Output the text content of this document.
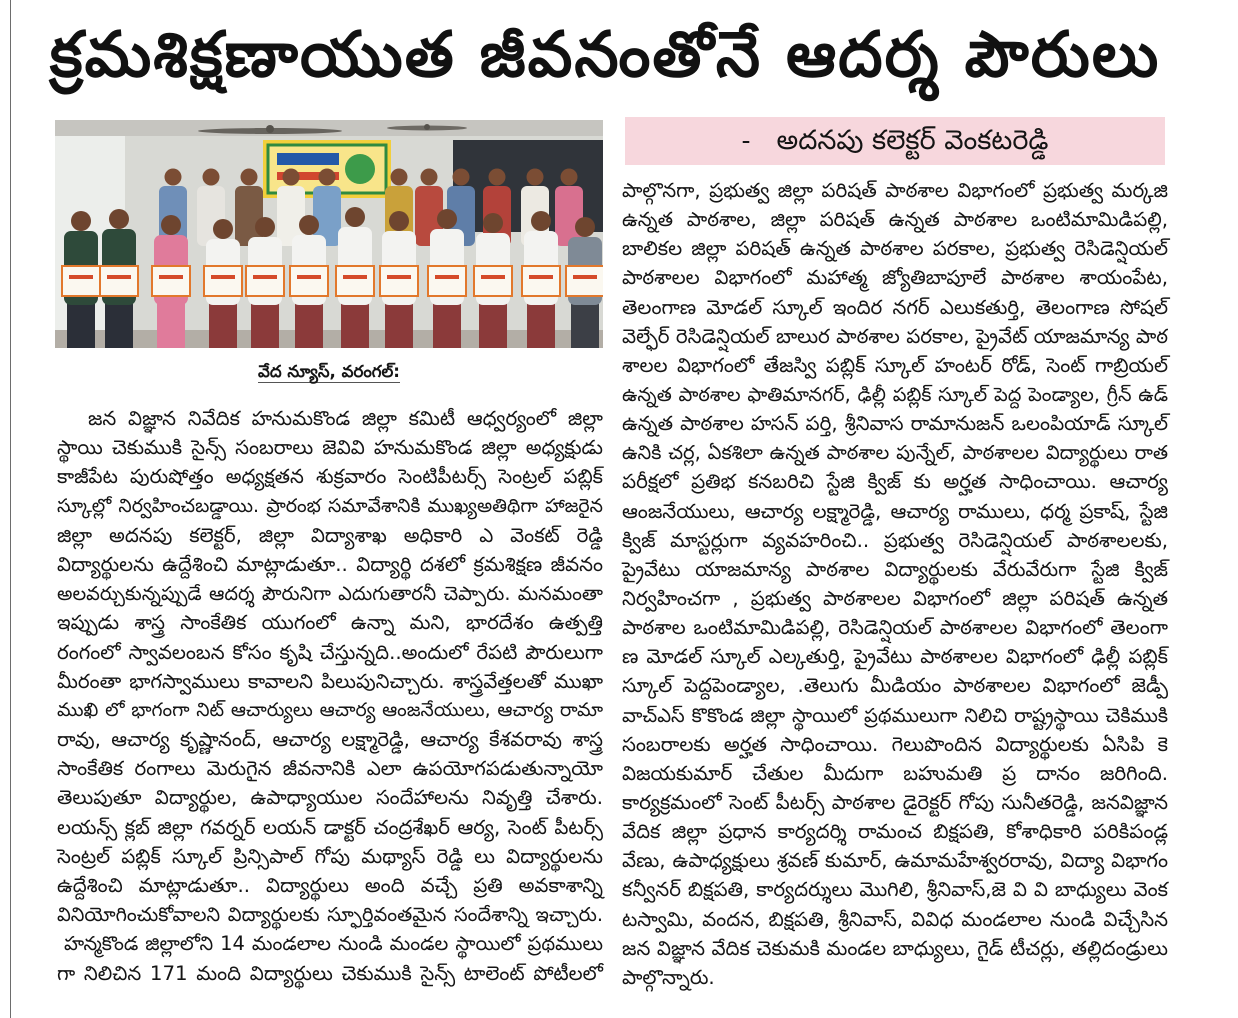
క్రమశిక్షణాయుత జీవనంతోనే ఆదర్శ పౌరులు
- అదనపు కలెక్టర్ వెంకటరెడ్డి
వేద న్యూస్, వరంగల్:
జన విజ్ఞాన నివేదిక హనుమకొండ జిల్లా కమిటీ ఆధ్వర్యంలో జిల్లా
స్థాయి చెకుముకి సైన్స్ సంబరాలు జెవివి హనుమకొండ జిల్లా అధ్యక్షుడు
కాజీపేట పురుషోత్తం అధ్యక్షతన శుక్రవారం సెంటిపీటర్స్ సెంట్రల్ పబ్లిక్
స్కూల్లో నిర్వహించబడ్డాయి. ప్రారంభ సమావేశానికి ముఖ్యఅతిథిగా హాజరైన
జిల్లా అదనపు కలెక్టర్, జిల్లా విద్యాశాఖ అధికారి ఎ వెంకట్ రెడ్డి
విద్యార్థులను ఉద్దేశించి మాట్లాడుతూ.. విద్యార్థి దశలో క్రమశిక్షణ జీవనం
అలవర్చుకున్నప్పుడే ఆదర్శ పౌరునిగా ఎదుగుతారనీ చెప్పారు. మనమంతా
ఇప్పుడు శాస్త్ర సాంకేతిక యుగంలో ఉన్నా మని, భారదేశం ఉత్పత్తి
రంగంలో స్వావలంబన కోసం కృషి చేస్తున్నది..అందులో రేపటి పౌరులుగా
మీరంతా భాగస్వాములు కావాలని పిలుపునిచ్చారు. శాస్త్రవేత్తలతో ముఖా
ముఖి లో భాగంగా నిట్ ఆచార్యులు ఆచార్య ఆంజనేయులు, ఆచార్య రామా
రావు, ఆచార్య కృష్ణానంద్, ఆచార్య లక్ష్మారెడ్డి, ఆచార్య కేశవరావు శాస్త్ర
సాంకేతిక రంగాలు మెరుగైన జీవనానికి ఎలా ఉపయోగపడుతున్నాయో
తెలుపుతూ విద్యార్థుల, ఉపాధ్యాయుల సందేహాలను నివృత్తి చేశారు.
లయన్స్ క్లబ్ జిల్లా గవర్నర్ లయన్ డాక్టర్ చంద్రశేఖర్ ఆర్య, సెంట్ పీటర్స్
సెంట్రల్ పబ్లిక్ స్కూల్ ప్రిన్సిపాల్ గోపు మథ్యాస్ రెడ్డి లు విద్యార్థులను
ఉద్దేశించి మాట్లాడుతూ.. విద్యార్థులు అంది వచ్చే ప్రతి అవకాశాన్ని
వినియోగించుకోవాలని విద్యార్థులకు స్ఫూర్తివంతమైన సందేశాన్ని ఇచ్చారు.
హన్మకొండ జిల్లాలోని 14 మండలాల నుండి మండల స్థాయిలో ప్రథములు
గా నిలిచిన 171 మంది విద్యార్థులు చెకుముకి సైన్స్ టాలెంట్ పోటీలలో
పాల్గొనగా, ప్రభుత్వ జిల్లా పరిషత్ పాఠశాల విభాగంలో ప్రభుత్వ మర్కజి
ఉన్నత పాఠశాల, జిల్లా పరిషత్ ఉన్నత పాఠశాల ఒంటిమామిడిపల్లి,
బాలికల జిల్లా పరిషత్ ఉన్నత పాఠశాల పరకాల, ప్రభుత్వ రెసిడెన్షియల్
పాఠశాలల విభాగంలో మహాత్మ జ్యోతిబాపూలే పాఠశాల శాయంపేట,
తెలంగాణ మోడల్ స్కూల్ ఇందిర నగర్ ఎలుకతుర్తి, తెలంగాణ సోషల్
వెల్ఫేర్ రెసిడెన్షియల్ బాలుర పాఠశాల పరకాల, ప్రైవేట్ యాజమాన్య పాఠ
శాలల విభాగంలో తేజస్వి పబ్లిక్ స్కూల్ హంటర్ రోడ్, సెంట్ గాబ్రియల్
ఉన్నత పాఠశాల ఫాతిమానగర్, ఢిల్లీ పబ్లిక్ స్కూల్ పెద్ద పెండ్యాల, గ్రీన్ ఉడ్
ఉన్నత పాఠశాల హసన్ పర్తి, శ్రీనివాస రామానుజన్ ఒలంపియాడ్ స్కూల్
ఉనికి చర్ల, ఏకశిలా ఉన్నత పాఠశాల పున్నేల్, పాఠశాలల విద్యార్థులు రాత
పరీక్షలో ప్రతిభ కనబరిచి స్టేజి క్విజ్ కు అర్హత సాధించాయి. ఆచార్య
ఆంజనేయులు, ఆచార్య లక్ష్మారెడ్డి, ఆచార్య రాములు, ధర్మ ప్రకాష్, స్టేజి
క్విజ్ మాస్టర్లుగా వ్యవహరించి.. ప్రభుత్వ రెసిడెన్షియల్ పాఠశాలలకు,
ప్రైవేటు యాజమాన్య పాఠశాల విద్యార్థులకు వేరువేరుగా స్టేజి క్విజ్
నిర్వహించగా , ప్రభుత్వ పాఠశాలల విభాగంలో జిల్లా పరిషత్ ఉన్నత
పాఠశాల ఒంటిమామిడిపల్లి, రెసిడెన్షియల్ పాఠశాలల విభాగంలో తెలంగా
ణ మోడల్ స్కూల్ ఎల్కతుర్తి, ప్రైవేటు పాఠశాలల విభాగంలో ఢిల్లీ పబ్లిక్
స్కూల్ పెద్దపెండ్యాల, .తెలుగు మీడియం పాఠశాలల విభాగంలో జెడ్పీ
వాచ్ఎస్ కొకొండ జిల్లా స్థాయిలో ప్రథములుగా నిలిచి రాష్ట్రస్థాయి చెకిముకి
సంబరాలకు అర్హత సాధించాయి. గెలుపొందిన విద్యార్థులకు ఏసిపి కె
విజయకుమార్ చేతుల మీదుగా బహుమతి ప్ర దానం జరిగింది.
కార్యక్రమంలో సెంట్ పీటర్స్ పాఠశాల డైరెక్టర్ గోపు సునీతరెడ్డి, జనవిజ్ఞాన
వేదిక జిల్లా ప్రధాన కార్యదర్శి రామంచ బిక్షపతి, కోశాధికారి పరికిపండ్ల
వేణు, ఉపాధ్యక్షులు శ్రవణ్ కుమార్, ఉమామహేశ్వరరావు, విద్యా విభాగం
కన్వీనర్ బిక్షపతి, కార్యదర్శులు మొగిలి, శ్రీనివాస్,జె వి వి బాధ్యులు వెంక
టస్వామి, వందన, బిక్షపతి, శ్రీనివాస్, వివిధ మండలాల నుండి విచ్చేసిన
జన విజ్ఞాన వేదిక చెకుమకి మండల బాధ్యులు, గైడ్ టీచర్లు, తల్లిదండ్రులు
పాల్గొన్నారు.
